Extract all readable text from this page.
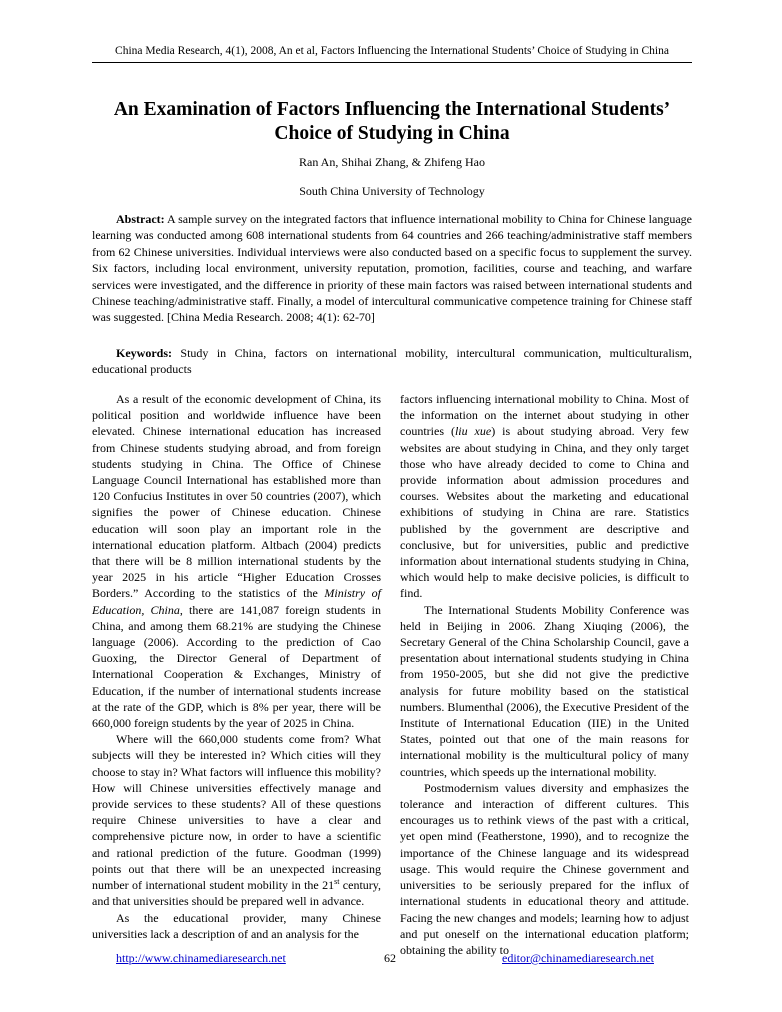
China Media Research, 4(1), 2008, An et al, Factors Influencing the International Students’ Choice of Studying in China
An Examination of Factors Influencing the International Students’
Choice of Studying in China
Ran An, Shihai Zhang, & Zhifeng Hao
South China University of Technology

Abstract: A sample survey on the integrated factors that influence international mobility to China for Chinese language learning was conducted among 608 international students from 64 countries and 266 teaching/administrative staff members from 62 Chinese universities. Individual interviews were also conducted based on a specific focus to supplement the survey. Six factors, including local environment, university reputation, promotion, facilities, course and teaching, and warfare services were investigated, and the difference in priority of these main factors was raised between international students and Chinese teaching/administrative staff. Finally, a model of intercultural communicative competence training for Chinese staff was suggested. [China Media Research. 2008; 4(1): 62-70]

Keywords: Study in China, factors on international mobility, intercultural communication, multiculturalism, educational products

As a result of the economic development of China, its political position and worldwide influence have been elevated. Chinese international education has increased from Chinese students studying abroad, and from foreign students studying in China. The Office of Chinese Language Council International has established more than 120 Confucius Institutes in over 50 countries (2007), which signifies the power of Chinese education. Chinese education will soon play an important role in the international education platform. Altbach (2004) predicts that there will be 8 million international students by the year 2025 in his article “Higher Education Crosses Borders.” According to the statistics of the Ministry of Education, China, there are 141,087 foreign students in China, and among them 68.21% are studying the Chinese language (2006). According to the prediction of Cao Guoxing, the Director General of Department of International Cooperation & Exchanges, Ministry of Education, if the number of international students increase at the rate of the GDP, which is 8% per year, there will be 660,000 foreign students by the year of 2025 in China.

Where will the 660,000 students come from? What subjects will they be interested in? Which cities will they choose to stay in? What factors will influence this mobility? How will Chinese universities effectively manage and provide services to these students? All of these questions require Chinese universities to have a clear and comprehensive picture now, in order to have a scientific and rational prediction of the future. Goodman (1999) points out that there will be an unexpected increasing number of international student mobility in the 21st century, and that universities should be prepared well in advance.

As the educational provider, many Chinese universities lack a description of and an analysis for the

factors influencing international mobility to China. Most of the information on the internet about studying in other countries (liu xue) is about studying abroad. Very few websites are about studying in China, and they only target those who have already decided to come to China and provide information about admission procedures and courses. Websites about the marketing and educational exhibitions of studying in China are rare. Statistics published by the government are descriptive and conclusive, but for universities, public and predictive information about international students studying in China, which would help to make decisive policies, is difficult to find.

The International Students Mobility Conference was held in Beijing in 2006. Zhang Xiuqing (2006), the Secretary General of the China Scholarship Council, gave a presentation about international students studying in China from 1950-2005, but she did not give the predictive analysis for future mobility based on the statistical numbers. Blumenthal (2006), the Executive President of the Institute of International Education (IIE) in the United States, pointed out that one of the main reasons for international mobility is the multicultural policy of many countries, which speeds up the international mobility.

Postmodernism values diversity and emphasizes the tolerance and interaction of different cultures. This encourages us to rethink views of the past with a critical, yet open mind (Featherstone, 1990), and to recognize the importance of the Chinese language and its widespread usage. This would require the Chinese government and universities to be seriously prepared for the influx of international students in educational theory and attitude. Facing the new changes and models; learning how to adjust and put oneself on the international education platform; obtaining the ability to

http://www.chinamediaresearch.net	62	editor@chinamediaresearch.net
